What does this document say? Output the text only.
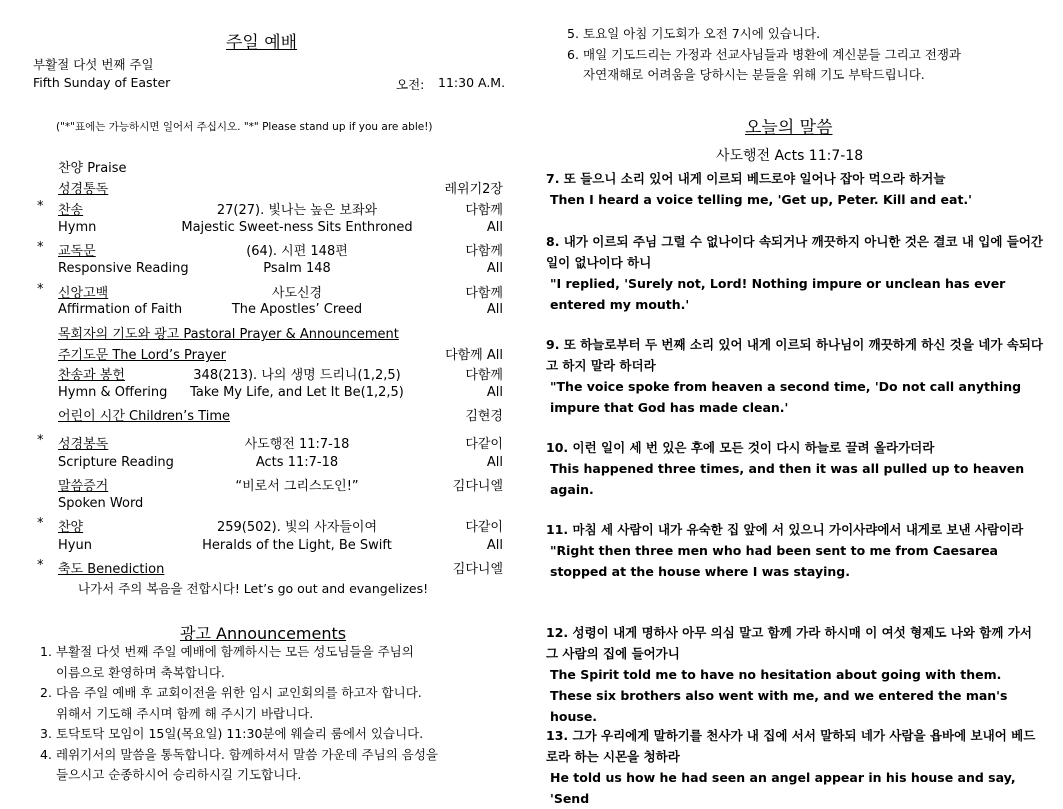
주일 예배
부활절 다섯 번째 주일
Fifth Sunday of Easter	오전: 11:30 A.M.
("*"표에는 가능하시면 일어서 주십시오. "*" Please stand up if you are able!)
찬양 Praise
성경통독	레위기2장
* 찬송	27(27). 빛나는 높은 보좌와	다함께
Hymn	Majestic Sweet-ness Sits Enthroned	All
* 교독문	(64). 시편 148편	다함께
Responsive Reading	Psalm 148	All
* 신앙고백	사도신경	다함께
Affirmation of Faith	The Apostles’ Creed	All
목회자의 기도와 광고 Pastoral Prayer & Announcement
주기도문 The Lord’s Prayer	다함께 All
찬송과 봉헌	348(213). 나의 생명 드리니(1,2,5)	다함께
Hymn & Offering Take My Life, and Let It Be(1,2,5)	All
어린이 시간 Children’s Time	김현경
* 성경봉독	사도행전 11:7-18	다같이
Scripture Reading	Acts 11:7-18	All
말씀증거	“비로서 그리스도인!”	김다니엘
Spoken Word
* 찬양	259(502). 빛의 사자들이여	다같이
Hyun	Heralds of the Light, Be Swift	All
* 축도 Benediction	김다니엘
나가서 주의 복음을 전합시다! Let’s go out and evangelizes!
광고 Announcements
1. 부활절 다섯 번째 주일 예배에 함께하시는 모든 성도님들을 주님의
이름으로 환영하며 축복합니다.
2. 다음 주일 예배 후 교회이전을 위한 임시 교인회의를 하고자 합니다.
위해서 기도해 주시며 함께 해 주시기 바랍니다.
3. 토닥토닥 모임이 15일(목요일) 11:30분에 웨슬리 룸에서 있습니다.
4. 레위기서의 말씀을 통독합니다. 함께하셔서 말씀 가운데 주님의 음성을
들으시고 순종하시어 승리하시길 기도합니다.
5. 토요일 아침 기도회가 오전 7시에 있습니다.
6. 매일 기도드리는 가정과 선교사님들과 병환에 계신분들 그리고 전쟁과
자연재해로 어려움을 당하시는 분들을 위해 기도 부탁드립니다.
오늘의 말씀
사도행전 Acts 11:7-18
7. 또 들으니 소리 있어 내게 이르되 베드로야 일어나 잡아 먹으라 하거늘
Then I heard a voice telling me, 'Get up, Peter. Kill and eat.'
8. 내가 이르되 주님 그럴 수 없나이다 속되거나 깨끗하지 아니한 것은 결코 내 입에 들어간 일이 없나이다 하니
"I replied, 'Surely not, Lord! Nothing impure or unclean has ever entered my mouth.'
9. 또 하늘로부터 두 번째 소리 있어 내게 이르되 하나님이 깨끗하게 하신 것을 네가 속되다고 하지 말라 하더라
"The voice spoke from heaven a second time, 'Do not call anything impure that God has made clean.'
10. 이런 일이 세 번 있은 후에 모든 것이 다시 하늘로 끌려 올라가더라
This happened three times, and then it was all pulled up to heaven again.
11. 마침 세 사람이 내가 유숙한 집 앞에 서 있으니 가이사랴에서 내게로 보낸 사람이라
"Right then three men who had been sent to me from Caesarea stopped at the house where I was staying.
12. 성령이 내게 명하사 아무 의심 말고 함께 가라 하시매 이 여섯 형제도 나와 함께 가서 그 사람의 집에 들어가니
The Spirit told me to have no hesitation about going with them. These six brothers also went with me, and we entered the man's house.
13. 그가 우리에게 말하기를 천사가 내 집에 서서 말하되 네가 사람을 욥바에 보내어 베드로라 하는 시몬을 청하라
He told us how he had seen an angel appear in his house and say, 'Send
